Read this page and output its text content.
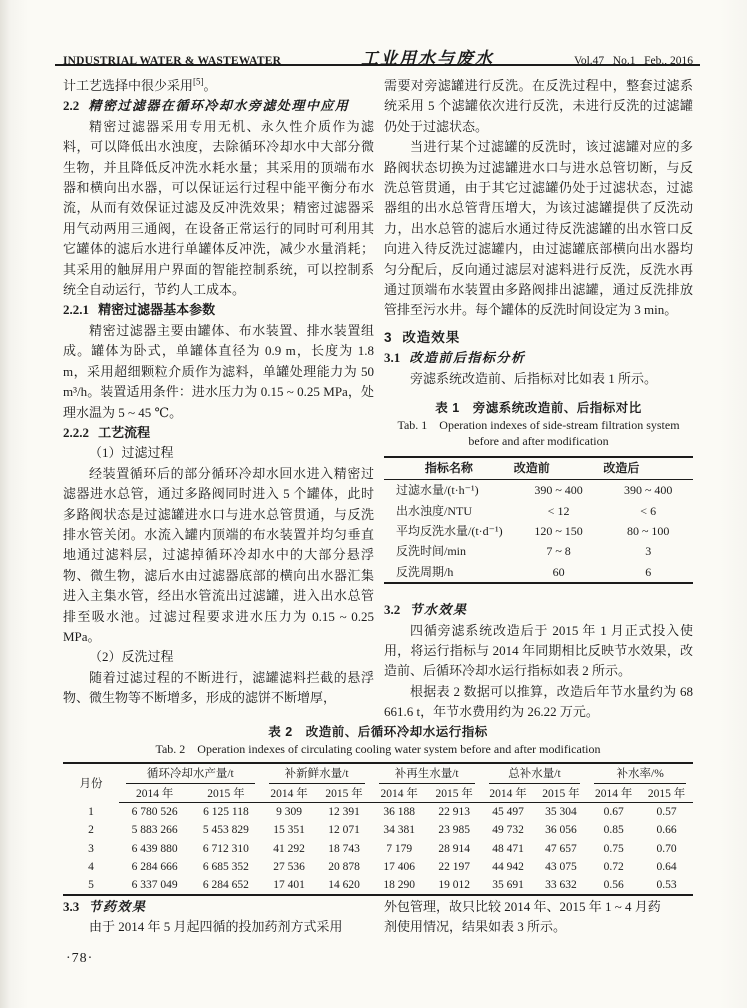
INDUSTRIAL WATER & WASTEWATER	工业用水与废水	Vol.47   No.1   Feb., 2016

计工艺选择中很少采用[5]。

2.2 精密过滤器在循环冷却水旁滤处理中应用

精密过滤器采用专用无机、永久性介质作为滤料，可以降低出水浊度，去除循环冷却水中大部分微生物，并且降低反冲洗水耗水量；其采用的顶端布水器和横向出水器，可以保证运行过程中能平衡分布水流，从而有效保证过滤及反冲洗效果；精密过滤器采用气动两用三通阀，在设备正常运行的同时可利用其它罐体的滤后水进行单罐体反冲洗，减少水量消耗；其采用的触屏用户界面的智能控制系统，可以控制系统全自动运行，节约人工成本。

2.2.1 精密过滤器基本参数

精密过滤器主要由罐体、布水装置、排水装置组成。罐体为卧式，单罐体直径为 0.9 m，长度为 1.8 m，采用超细颗粒介质作为滤料，单罐处理能力为 50 m³/h。装置适用条件：进水压力为 0.15 ~ 0.25 MPa，处理水温为 5 ~ 45 ℃。

2.2.2 工艺流程

（1）过滤过程

经装置循环后的部分循环冷却水回水进入精密过滤器进水总管，通过多路阀同时进入 5 个罐体，此时多路阀状态是过滤罐进水口与进水总管贯通，与反洗排水管关闭。水流入罐内顶端的布水装置并均匀垂直地通过滤料层，过滤掉循环冷却水中的大部分悬浮物、微生物，滤后水由过滤器底部的横向出水器汇集进入主集水管，经出水管流出过滤罐，进入出水总管排至吸水池。过滤过程要求进水压力为 0.15 ~ 0.25 MPa。

（2）反洗过程

随着过滤过程的不断进行，滤罐滤料拦截的悬浮物、微生物等不断增多，形成的滤饼不断增厚，

需要对旁滤罐进行反洗。在反洗过程中，整套过滤系统采用 5 个滤罐依次进行反洗，未进行反洗的过滤罐仍处于过滤状态。

当进行某个过滤罐的反洗时，该过滤罐对应的多路阀状态切换为过滤罐进水口与进水总管切断，与反洗总管贯通，由于其它过滤罐仍处于过滤状态，过滤器组的出水总管背压增大，为该过滤罐提供了反洗动力，出水总管的滤后水通过待反洗滤罐的出水管口反向进入待反洗过滤罐内，由过滤罐底部横向出水器均匀分配后，反向通过滤层对滤料进行反洗，反洗水再通过顶端布水装置由多路阀排出滤罐，通过反洗排放管排至污水井。每个罐体的反洗时间设定为 3 min。

3 改造效果

3.1 改造前后指标分析

旁滤系统改造前、后指标对比如表 1 所示。

表 1　旁滤系统改造前、后指标对比

Tab. 1　Operation indexes of side-stream filtration system

before and after modification

指标名称	改造前	改造后
过滤水量/(t·h⁻¹)	390 ~ 400	390 ~ 400
出水浊度/NTU	< 12	< 6
平均反洗水量/(t·d⁻¹)	120 ~ 150	80 ~ 100
反洗时间/min	7 ~ 8	3
反洗周期/h	60	6

3.2 节水效果

四循旁滤系统改造后于 2015 年 1 月正式投入使用，将运行指标与 2014 年同期相比反映节水效果，改造前、后循环冷却水运行指标如表 2 所示。

根据表 2 数据可以推算，改造后年节水量约为 68 661.6 t，年节水费用约为 26.22 万元。

表 2　改造前、后循环冷却水运行指标

Tab. 2　Operation indexes of circulating cooling water system before and after modification

月份	循环冷却水产量/t		补新鲜水量/t		补再生水量/t		总补水量/t		补水率/%	

	2014 年	2015 年	2014 年	2015 年	2014 年	2015 年	2014 年	2015 年	2014 年	2015 年
1	6 780 526	6 125 118	9 309	12 391	36 188	22 913	45 497	35 304	0.67	0.57
2	5 883 266	5 453 829	15 351	12 071	34 381	23 985	49 732	36 056	0.85	0.66
3	6 439 880	6 712 310	41 292	18 743	7 179	28 914	48 471	47 657	0.75	0.70
4	6 284 666	6 685 352	27 536	20 878	17 406	22 197	44 942	43 075	0.72	0.64
5	6 337 049	6 284 652	17 401	14 620	18 290	19 012	35 691	33 632	0.56	0.53

3.3 节药效果

由于 2014 年 5 月起四循的投加药剂方式采用

外包管理，故只比较 2014 年、2015 年 1 ~ 4 月药

剂使用情况，结果如表 3 所示。

·78·
